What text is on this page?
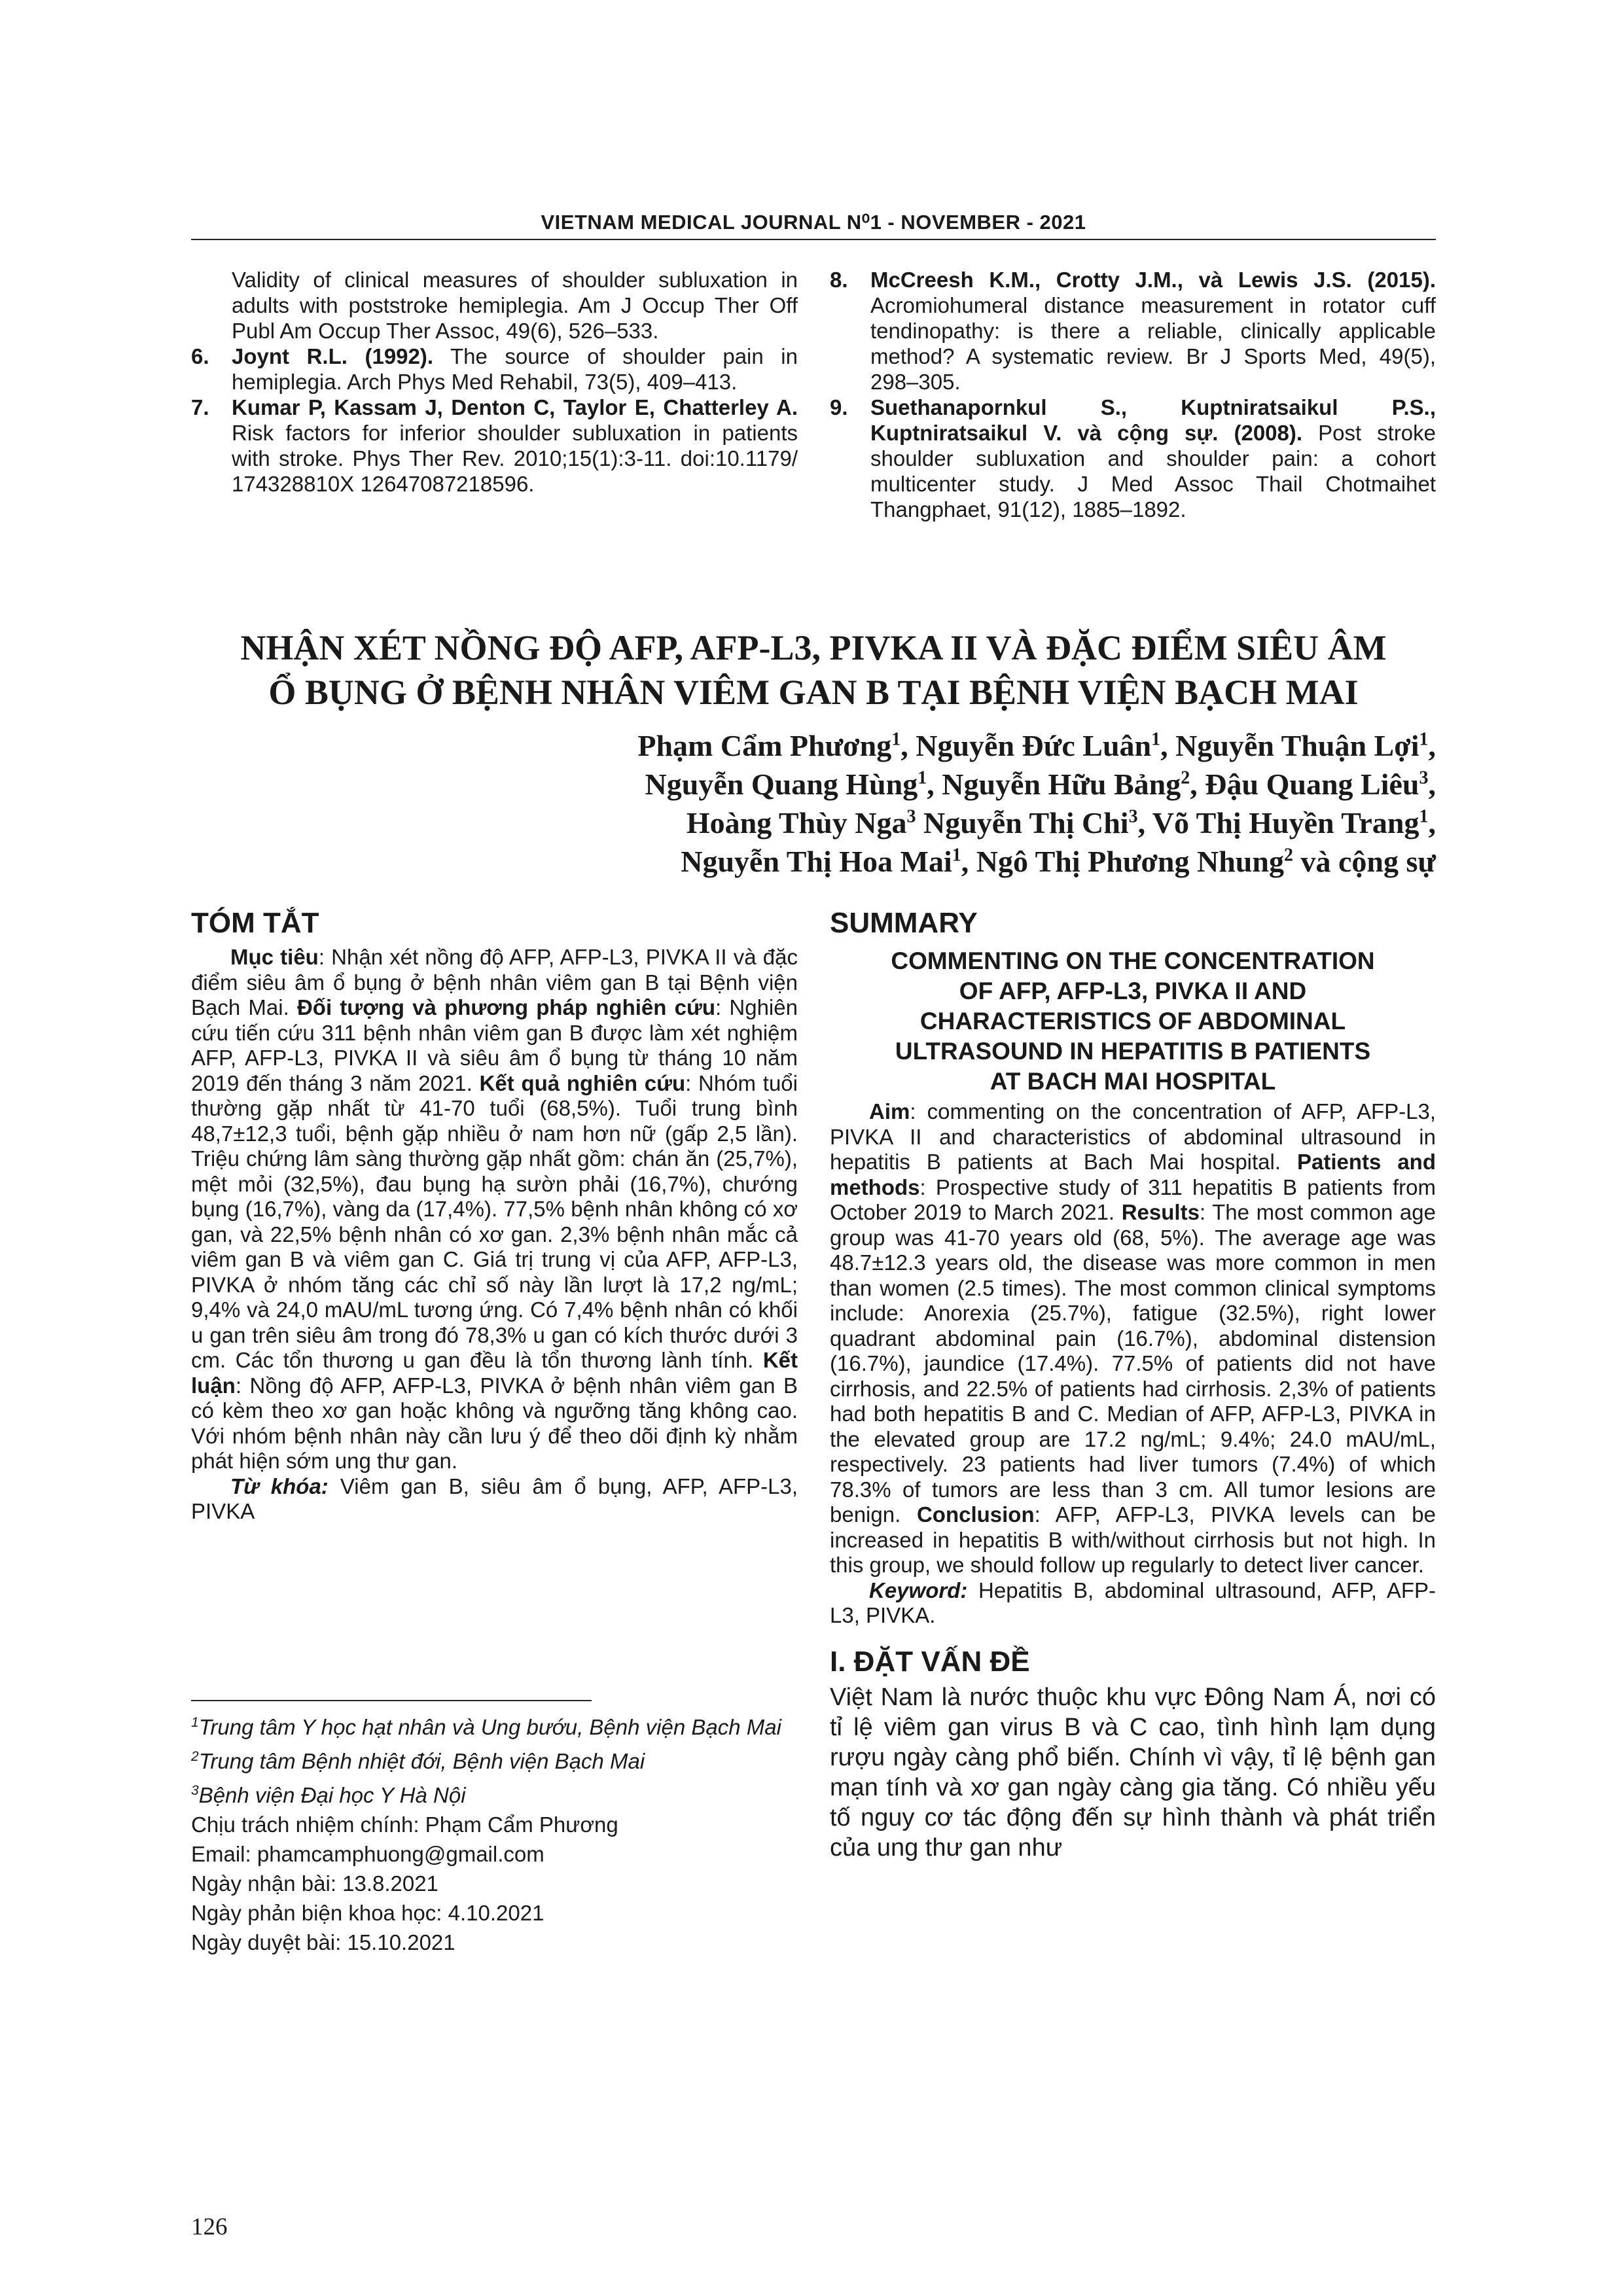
VIETNAM MEDICAL JOURNAL N⁰1 - NOVEMBER - 2021

Validity of clinical measures of shoulder subluxation in adults with poststroke hemiplegia. Am J Occup Ther Off Publ Am Occup Ther Assoc, 49(6), 526–533.

6. Joynt R.L. (1992). The source of shoulder pain in hemiplegia. Arch Phys Med Rehabil, 73(5), 409–413.

7. Kumar P, Kassam J, Denton C, Taylor E, Chatterley A. Risk factors for inferior shoulder subluxation in patients with stroke. Phys Ther Rev. 2010;15(1):3-11. doi:10.1179/ 174328810X 12647087218596.

8. McCreesh K.M., Crotty J.M., và Lewis J.S. (2015). Acromiohumeral distance measurement in rotator cuff tendinopathy: is there a reliable, clinically applicable method? A systematic review. Br J Sports Med, 49(5), 298–305.

9. Suethanapornkul S., Kuptniratsaikul P.S., Kuptniratsaikul V. và cộng sự. (2008). Post stroke shoulder subluxation and shoulder pain: a cohort multicenter study. J Med Assoc Thail Chotmaihet Thangphaet, 91(12), 1885–1892.

NHẬN XÉT NỒNG ĐỘ AFP, AFP-L3, PIVKA II VÀ ĐẶC ĐIỂM SIÊU ÂM
Ổ BỤNG Ở BỆNH NHÂN VIÊM GAN B TẠI BỆNH VIỆN BẠCH MAI
Phạm Cẩm Phương$^1$, Nguyễn Đức Luân$^1$, Nguyễn Thuận Lợi$^1$,
Nguyễn Quang Hùng$^1$, Nguyễn Hữu Bảng$^2$, Đậu Quang Liêu$^3$,
Hoàng Thùy Nga$^3$ Nguyễn Thị Chi$^3$, Võ Thị Huyền Trang$^1$,
Nguyễn Thị Hoa Mai$^1$, Ngô Thị Phương Nhung$^2$ và cộng sự

TÓM TẮT

Mục tiêu: Nhận xét nồng độ AFP, AFP-L3, PIVKA II và đặc điểm siêu âm ổ bụng ở bệnh nhân viêm gan B tại Bệnh viện Bạch Mai. Đối tượng và phương pháp nghiên cứu: Nghiên cứu tiến cứu 311 bệnh nhân viêm gan B được làm xét nghiệm AFP, AFP-L3, PIVKA II và siêu âm ổ bụng từ tháng 10 năm 2019 đến tháng 3 năm 2021. Kết quả nghiên cứu: Nhóm tuổi thường gặp nhất từ 41-70 tuổi (68,5%). Tuổi trung bình 48,7±12,3 tuổi, bệnh gặp nhiều ở nam hơn nữ (gấp 2,5 lần). Triệu chứng lâm sàng thường gặp nhất gồm: chán ăn (25,7%), mệt mỏi (32,5%), đau bụng hạ sườn phải (16,7%), chướng bụng (16,7%), vàng da (17,4%). 77,5% bệnh nhân không có xơ gan, và 22,5% bệnh nhân có xơ gan. 2,3% bệnh nhân mắc cả viêm gan B và viêm gan C. Giá trị trung vị của AFP, AFP-L3, PIVKA ở nhóm tăng các chỉ số này lần lượt là 17,2 ng/mL; 9,4% và 24,0 mAU/mL tương ứng. Có 7,4% bệnh nhân có khối u gan trên siêu âm trong đó 78,3% u gan có kích thước dưới 3 cm. Các tổn thương u gan đều là tổn thương lành tính. Kết luận: Nồng độ AFP, AFP-L3, PIVKA ở bệnh nhân viêm gan B có kèm theo xơ gan hoặc không và ngưỡng tăng không cao. Với nhóm bệnh nhân này cần lưu ý để theo dõi định kỳ nhằm phát hiện sớm ung thư gan.

Từ khóa: Viêm gan B, siêu âm ổ bụng, AFP, AFP-L3, PIVKA

$^1$Trung tâm Y học hạt nhân và Ung bướu, Bệnh viện Bạch Mai

$^2$Trung tâm Bệnh nhiệt đới, Bệnh viện Bạch Mai

$^3$Bệnh viện Đại học Y Hà Nội

Chịu trách nhiệm chính: Phạm Cẩm Phương

Email: phamcamphuong@gmail.com

Ngày nhận bài: 13.8.2021

Ngày phản biện khoa học: 4.10.2021

Ngày duyệt bài: 15.10.2021

SUMMARY

COMMENTING ON THE CONCENTRATION

OF AFP, AFP-L3, PIVKA II AND

CHARACTERISTICS OF ABDOMINAL

ULTRASOUND IN HEPATITIS B PATIENTS

AT BACH MAI HOSPITAL

Aim: commenting on the concentration of AFP, AFP-L3, PIVKA II and characteristics of abdominal ultrasound in hepatitis B patients at Bach Mai hospital. Patients and methods: Prospective study of 311 hepatitis B patients from October 2019 to March 2021. Results: The most common age group was 41-70 years old (68, 5%). The average age was 48.7±12.3 years old, the disease was more common in men than women (2.5 times). The most common clinical symptoms include: Anorexia (25.7%), fatigue (32.5%), right lower quadrant abdominal pain (16.7%), abdominal distension (16.7%), jaundice (17.4%). 77.5% of patients did not have cirrhosis, and 22.5% of patients had cirrhosis. 2,3% of patients had both hepatitis B and C. Median of AFP, AFP-L3, PIVKA in the elevated group are 17.2 ng/mL; 9.4%; 24.0 mAU/mL, respectively. 23 patients had liver tumors (7.4%) of which 78.3% of tumors are less than 3 cm. All tumor lesions are benign. Conclusion: AFP, AFP-L3, PIVKA levels can be increased in hepatitis B with/without cirrhosis but not high. In this group, we should follow up regularly to detect liver cancer.

Keyword: Hepatitis B, abdominal ultrasound, AFP, AFP-L3, PIVKA.

I. ĐẶT VẤN ĐỀ

Việt Nam là nước thuộc khu vực Đông Nam Á, nơi có tỉ lệ viêm gan virus B và C cao, tình hình lạm dụng rượu ngày càng phổ biến. Chính vì vậy, tỉ lệ bệnh gan mạn tính và xơ gan ngày càng gia tăng. Có nhiều yếu tố nguy cơ tác động đến sự hình thành và phát triển của ung thư gan như

126
